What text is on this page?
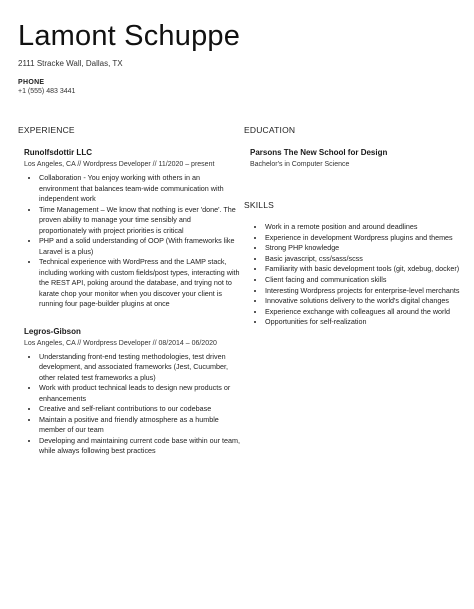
Lamont Schuppe
2111 Stracke Wall, Dallas, TX
PHONE
+1 (555) 483 3441
EXPERIENCE	EDUCATION
Runolfsdottir LLC
Los Angeles, CA // Wordpress Developer // 11/2020 – present
• Collaboration - You enjoy working with others in an environment that balances team-wide communication with independent work
• Time Management – We know that nothing is ever 'done'. The proven ability to manage your time sensibly and proportionately with project priorities is critical
• PHP and a solid understanding of OOP (With frameworks like Laravel is a plus)
• Technical experience with WordPress and the LAMP stack, including working with custom fields/post types, interacting with the REST API, poking around the database, and trying not to karate chop your monitor when you discover your client is running four page-builder plugins at once
Legros-Gibson
Los Angeles, CA // Wordpress Developer // 08/2014 – 06/2020
• Understanding front-end testing methodologies, test driven development, and associated frameworks (Jest, Cucumber, other related test frameworks a plus)
• Work with product technical leads to design new products or enhancements
• Creative and self-reliant contributions to our codebase
• Maintain a positive and friendly atmosphere as a humble member of our team
• Developing and maintaining current code base within our team, while always following best practices
Parsons The New School for Design
Bachelor's in Computer Science
SKILLS
• Work in a remote position and around deadlines
• Experience in development Wordpress plugins and themes
• Strong PHP knowledge
• Basic javascript, css/sass/scss
• Familiarity with basic development tools (git, xdebug, docker)
• Client facing and communication skills
• Interesting Wordpress projects for enterprise-level merchants
• Innovative solutions delivery to the world's digital changes
• Experience exchange with colleagues all around the world
• Opportunities for self-realization
